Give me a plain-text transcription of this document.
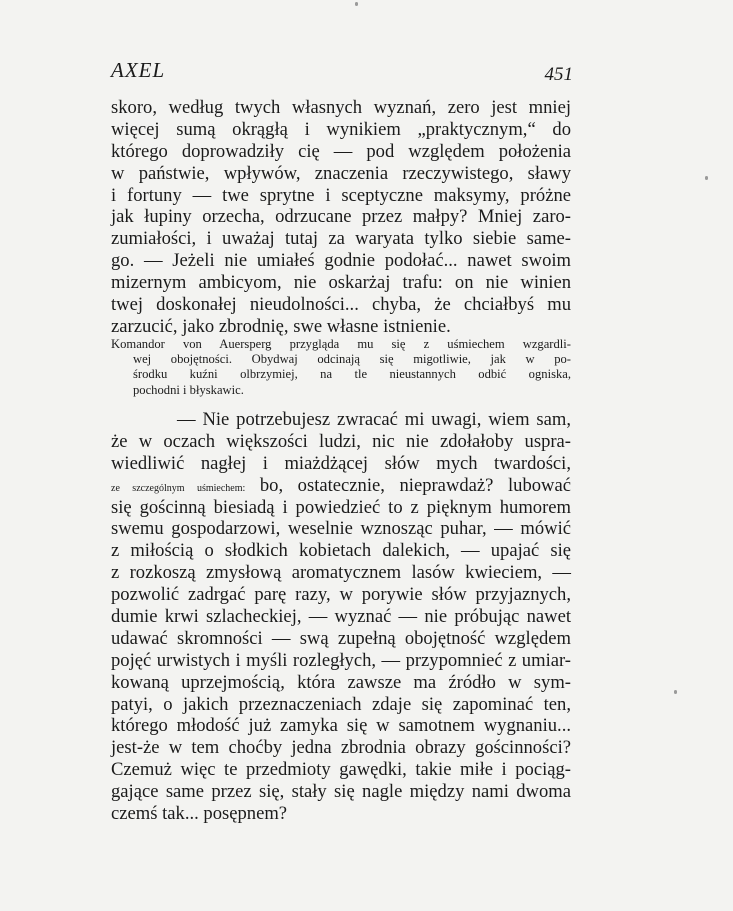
AXEL	451
skoro, według twych własnych wyznań, zero jest mniej
więcej sumą okrągłą i wynikiem „praktycznym,“ do
którego doprowadziły cię — pod względem położenia
w państwie, wpływów, znaczenia rzeczywistego, sławy
i fortuny — twe sprytne i sceptyczne maksymy, próżne
jak łupiny orzecha, odrzucane przez małpy? Mniej zaro-
zumiałości, i uważaj tutaj za waryata tylko siebie same-
go. — Jeżeli nie umiałeś godnie podołać... nawet swoim
mizernym ambicyom, nie oskarżaj trafu: on nie winien
twej doskonałej nieudolności... chyba, że chciałbyś mu
zarzucić, jako zbrodnię, swe własne istnienie.
Komandor von Auersperg przygląda mu się z uśmiechem wzgardli-
wej obojętności. Obydwaj odcinają się migotliwie, jak w po-
środku kuźni olbrzymiej, na tle nieustannych odbić ogniska,
pochodni i błyskawic.
— Nie potrzebujesz zwracać mi uwagi, wiem sam,
że w oczach większości ludzi, nic nie zdołałoby uspra-
wiedliwić nagłej i miażdżącej słów mych twardości,
ze szczególnym uśmiechem: bo, ostatecznie, nieprawdaż? lubować
się gościnną biesiadą i powiedzieć to z pięknym humorem
swemu gospodarzowi, weselnie wznosząc puhar, — mówić
z miłością o słodkich kobietach dalekich, — upajać się
z rozkoszą zmysłową aromatycznem lasów kwieciem, —
pozwolić zadrgać parę razy, w porywie słów przyjaznych,
dumie krwi szlacheckiej, — wyznać — nie próbując nawet
udawać skromności — swą zupełną obojętność względem
pojęć urwistych i myśli rozległych, — przypomnieć z umiar-
kowaną uprzejmością, która zawsze ma źródło w sym-
patyi, o jakich przeznaczeniach zdaje się zapominać ten,
którego młodość już zamyka się w samotnem wygnaniu...
jest-że w tem choćby jedna zbrodnia obrazy gościnności?
Czemuż więc te przedmioty gawędki, takie miłe i pociąg-
gające same przez się, stały się nagle między nami dwoma
czemś tak... posępnem?
